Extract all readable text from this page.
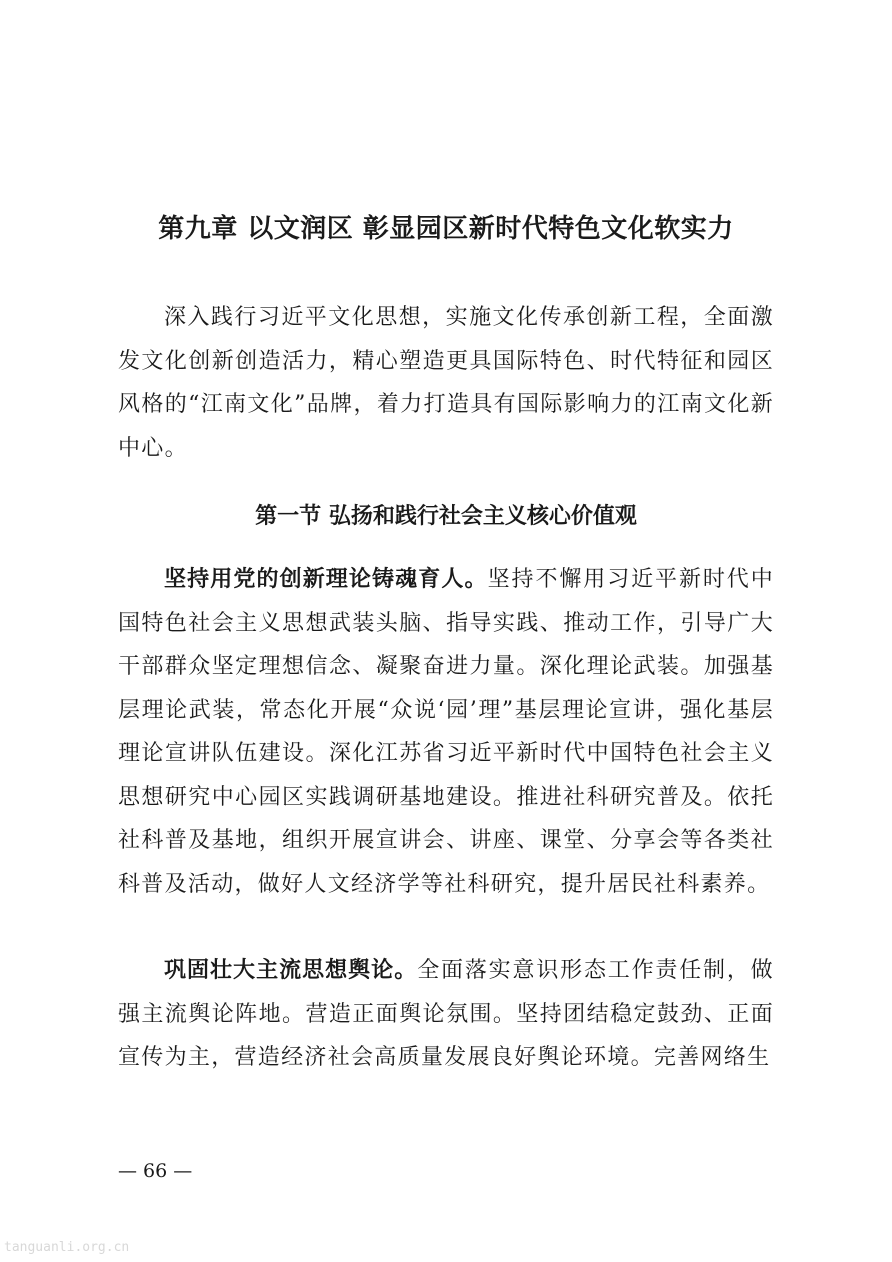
第九章 以文润区 彰显园区新时代特色文化软实力

深入践行习近平文化思想，实施文化传承创新工程，全面激发文化创新创造活力，精心塑造更具国际特色、时代特征和园区风格的“江南文化”品牌，着力打造具有国际影响力的江南文化新中心。

第一节 弘扬和践行社会主义核心价值观

坚持用党的创新理论铸魂育人。坚持不懈用习近平新时代中国特色社会主义思想武装头脑、指导实践、推动工作，引导广大干部群众坚定理想信念、凝聚奋进力量。深化理论武装。加强基层理论武装，常态化开展“众说‘园’理”基层理论宣讲，强化基层理论宣讲队伍建设。深化江苏省习近平新时代中国特色社会主义思想研究中心园区实践调研基地建设。推进社科研究普及。依托社科普及基地，组织开展宣讲会、讲座、课堂、分享会等各类社科普及活动，做好人文经济学等社科研究，提升居民社科素养。

巩固壮大主流思想舆论。全面落实意识形态工作责任制，做强主流舆论阵地。营造正面舆论氛围。坚持团结稳定鼓劲、正面宣传为主，营造经济社会高质量发展良好舆论环境。完善网络生

— 66 —
tanguanli.org.cn
